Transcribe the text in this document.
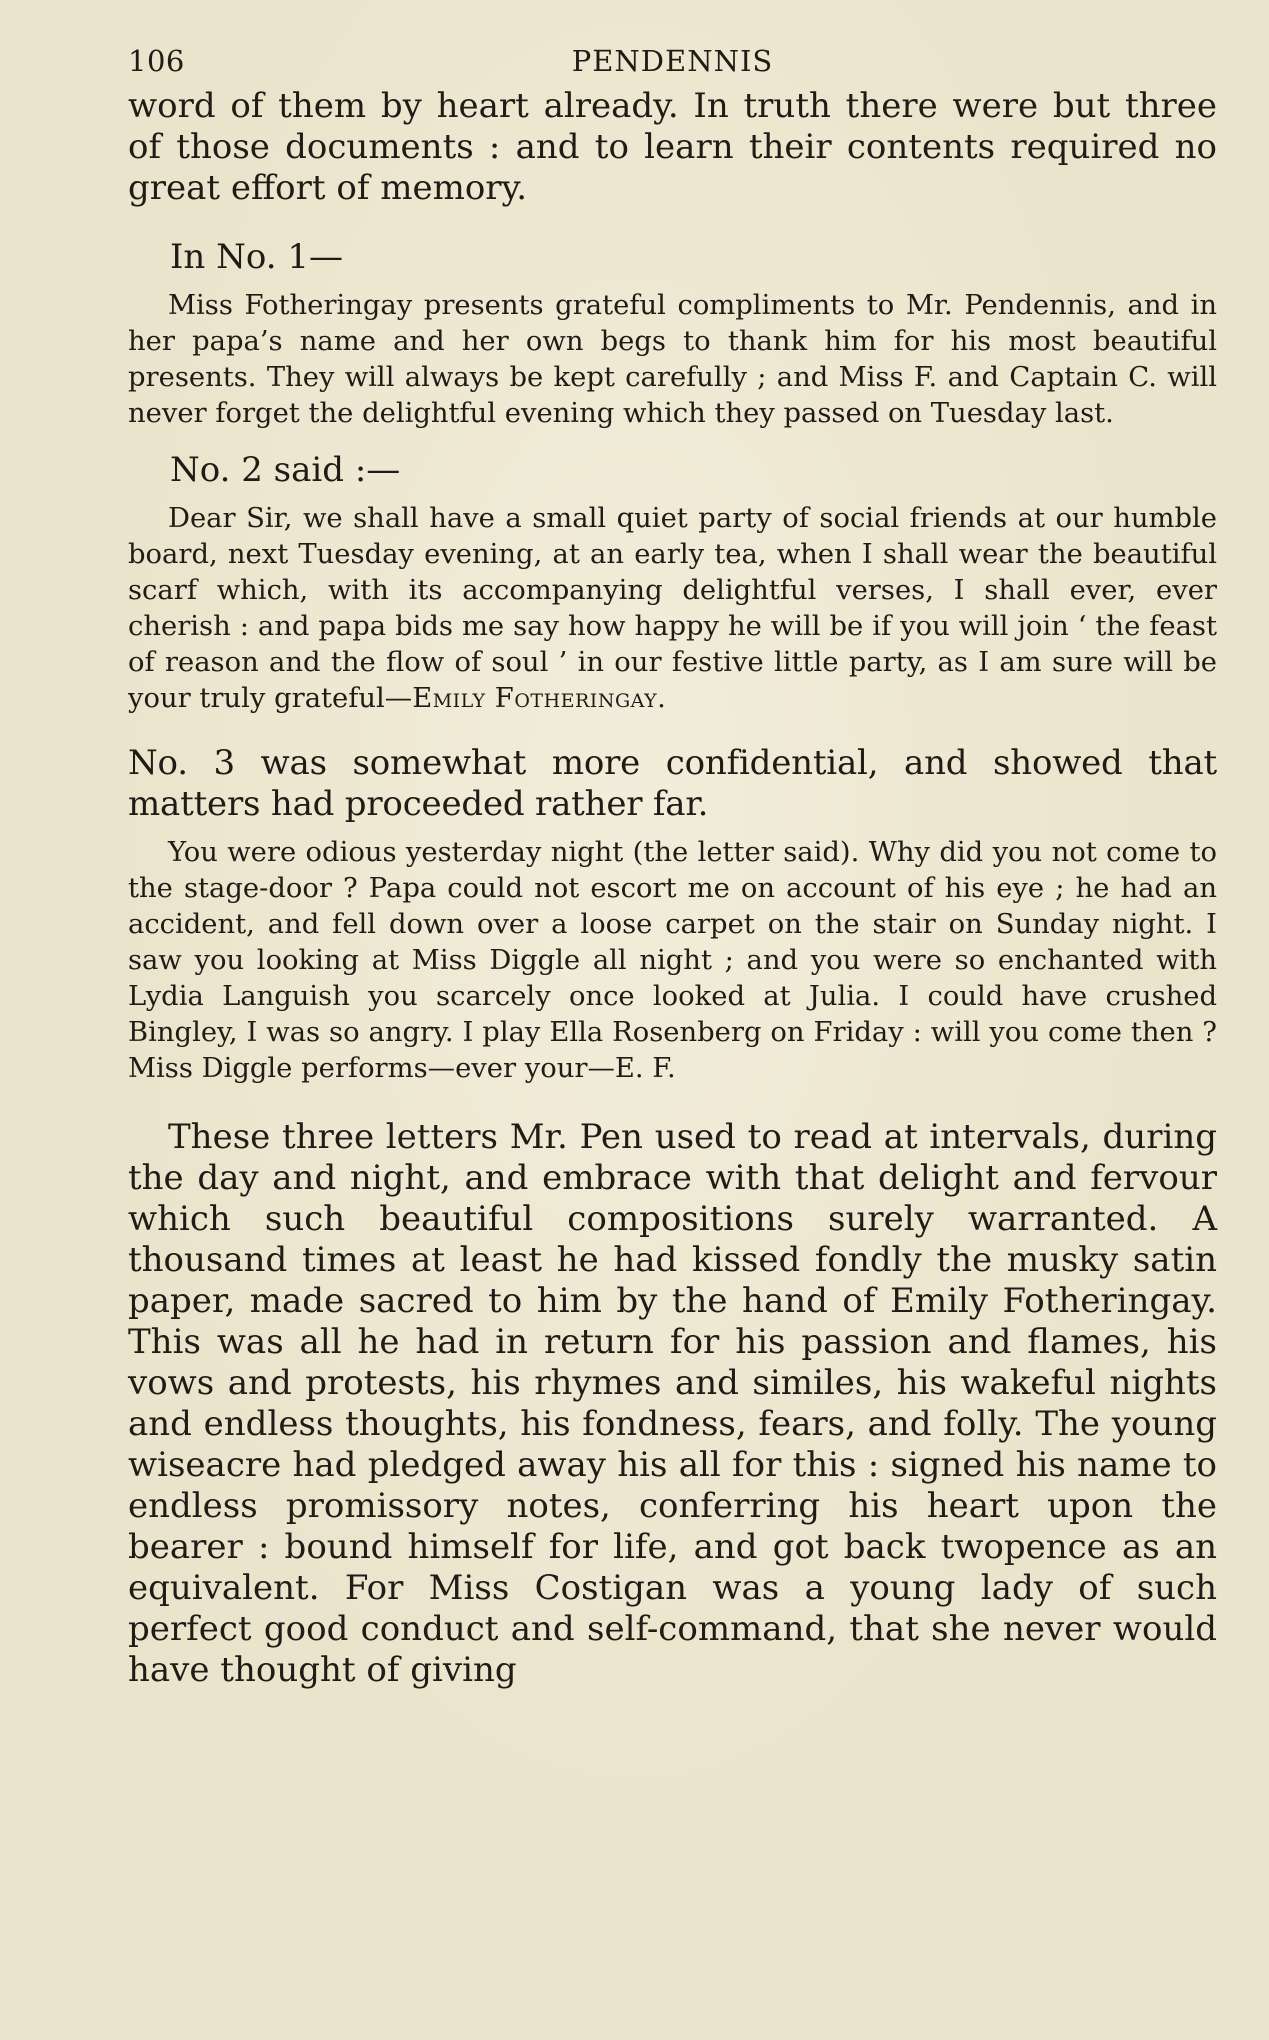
106	PENDENNIS

word of them by heart already. In truth there were but three of those documents : and to learn their contents required no great effort of memory.

In No. 1—

Miss Fotheringay presents grateful compliments to Mr. Pendennis, and in her papa’s name and her own begs to thank him for his most beautiful presents. They will always be kept carefully ; and Miss F. and Captain C. will never forget the delightful evening which they passed on Tuesday last.

No. 2 said :—

Dear Sir, we shall have a small quiet party of social friends at our humble board, next Tuesday evening, at an early tea, when I shall wear the beautiful scarf which, with its accompanying delightful verses, I shall ever, ever cherish : and papa bids me say how happy he will be if you will join ‘ the feast of reason and the flow of soul ’ in our festive little party, as I am sure will be your truly grateful—Emily Fotheringay.

No. 3 was somewhat more confidential, and showed that matters had proceeded rather far.

You were odious yesterday night (the letter said). Why did you not come to the stage-door ? Papa could not escort me on account of his eye ; he had an accident, and fell down over a loose carpet on the stair on Sunday night. I saw you looking at Miss Diggle all night ; and you were so enchanted with Lydia Languish you scarcely once looked at Julia. I could have crushed Bingley, I was so angry. I play Ella Rosenberg on Friday : will you come then ? Miss Diggle performs—ever your—E. F.

These three letters Mr. Pen used to read at intervals, during the day and night, and embrace with that delight and fervour which such beautiful compositions surely warranted. A thousand times at least he had kissed fondly the musky satin paper, made sacred to him by the hand of Emily Fotheringay. This was all he had in return for his passion and flames, his vows and protests, his rhymes and similes, his wakeful nights and endless thoughts, his fondness, fears, and folly. The young wiseacre had pledged away his all for this : signed his name to endless promissory notes, conferring his heart upon the bearer : bound himself for life, and got back twopence as an equivalent. For Miss Costigan was a young lady of such perfect good conduct and self-command, that she never would have thought of giving
